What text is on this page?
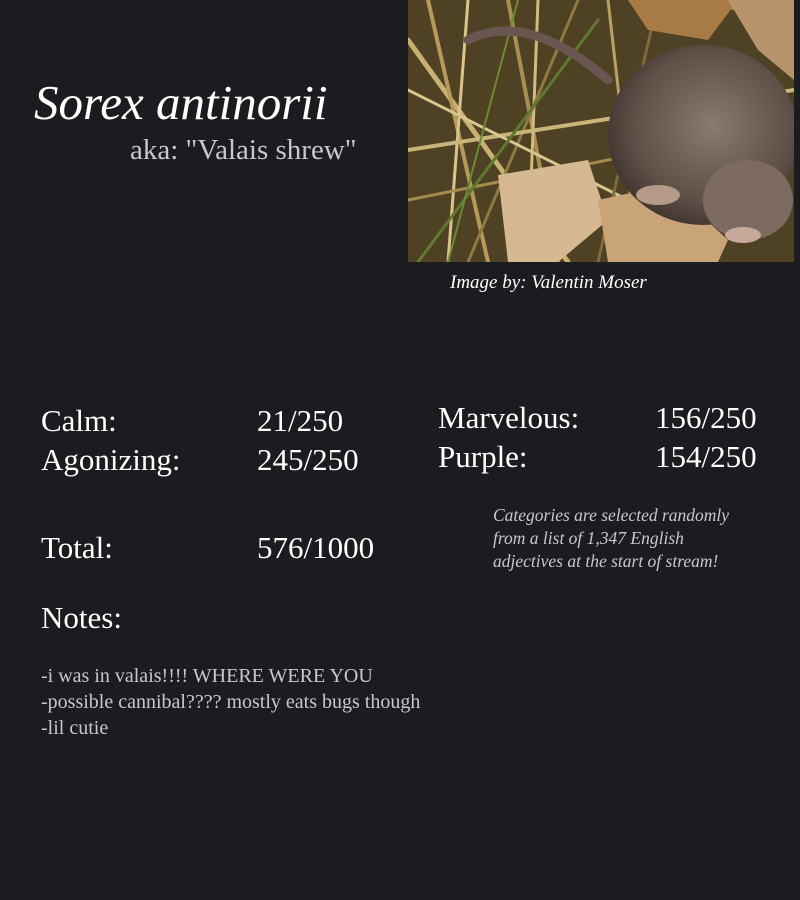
Sorex antinorii
aka: "Valais shrew"
Image by: Valentin Moser
Calm:	21/250
Agonizing: 245/250
Marvelous: 156/250
Purple:	154/250
Total:	576/1000
Categories are selected randomly
from a list of 1,347 English
adjectives at the start of stream!
Notes:
-i was in valais!!!! WHERE WERE YOU
-possible cannibal???? mostly eats bugs though
-lil cutie
